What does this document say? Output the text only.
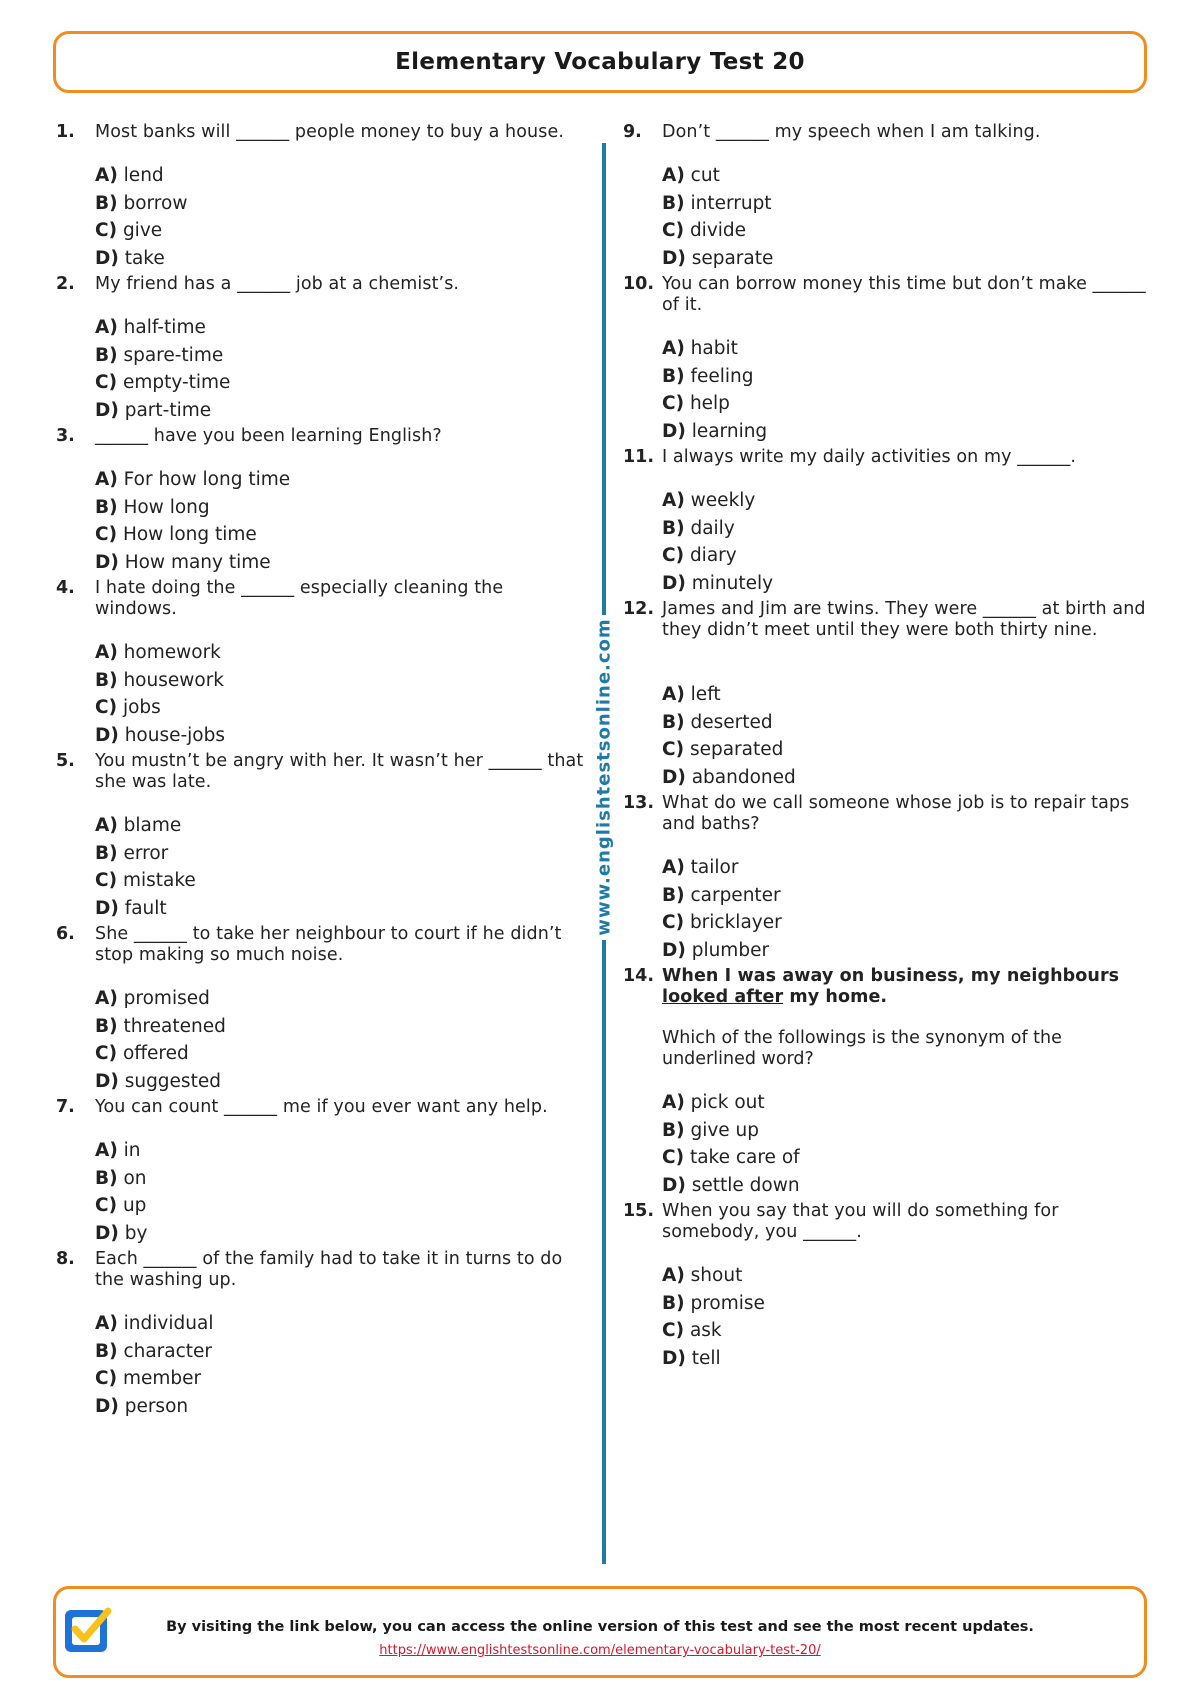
Elementary Vocabulary Test 20
1. Most banks will ______ people money to buy a house.

A) lend
B) borrow
C) give
D) take
2. My friend has a ______ job at a chemist’s.

A) half-time
B) spare-time
C) empty-time
D) part-time
3. ______ have you been learning English?

A) For how long time
B) How long
C) How long time
D) How many time
4. I hate doing the ______ especially cleaning the windows.

A) homework
B) housework
C) jobs
D) house-jobs
5. You mustn’t be angry with her. It wasn’t her ______ that she was late.

A) blame
B) error
C) mistake
D) fault
6. She ______ to take her neighbour to court if he didn’t stop making so much noise.

A) promised
B) threatened
C) offered
D) suggested
7. You can count ______ me if you ever want any help.

A) in
B) on
C) up
D) by
8. Each ______ of the family had to take it in turns to do the washing up.

A) individual
B) character
C) member
D) person
www.englishtestsonline.com
9. Don’t ______ my speech when I am talking.

A) cut
B) interrupt
C) divide
D) separate
10. You can borrow money this time but don’t make ______ of it.

A) habit
B) feeling
C) help
D) learning
11. I always write my daily activities on my ______.

A) weekly
B) daily
C) diary
D) minutely
12. James and Jim are twins. They were ______ at birth and they didn’t meet until they were both thirty nine.

A) left
B) deserted
C) separated
D) abandoned
13. What do we call someone whose job is to repair taps and baths?

A) tailor
B) carpenter
C) bricklayer
D) plumber
14. When I was away on business, my neighbours looked after my home.

Which of the followings is the synonym of the underlined word?

A) pick out
B) give up
C) take care of
D) settle down
15. When you say that you will do something for somebody, you ______.

A) shout
B) promise
C) ask
D) tell
By visiting the link below, you can access the online version of this test and see the most recent updates.
https://www.englishtestsonline.com/elementary-vocabulary-test-20/
